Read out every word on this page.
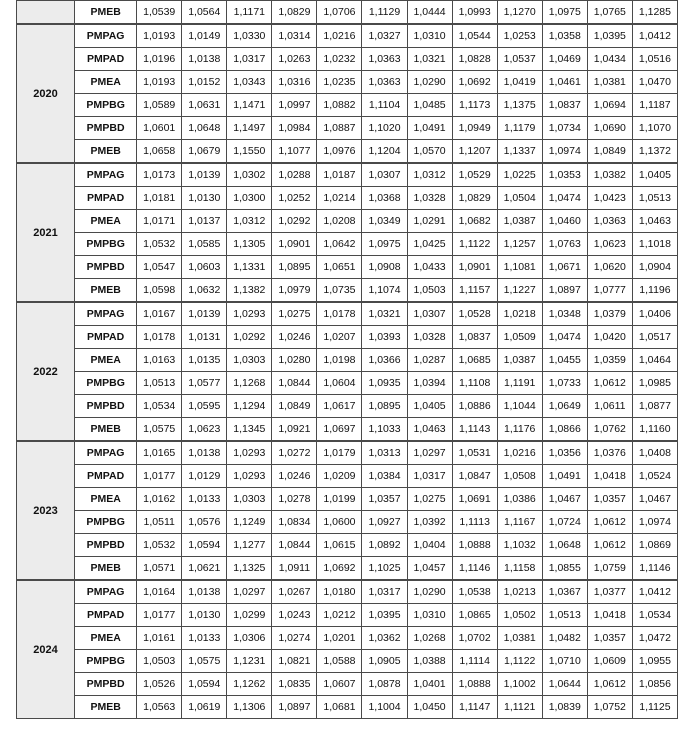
	PMEB	1,0539	1,0564	1,1171	1,0829	1,0706	1,1129	1,0444	1,0993	1,1270	1,0975	1,0765	1,1285
2020	PMPAG	1,0193	1,0149	1,0330	1,0314	1,0216	1,0327	1,0310	1,0544	1,0253	1,0358	1,0395	1,0412
	PMPAD	1,0196	1,0138	1,0317	1,0263	1,0232	1,0363	1,0321	1,0828	1,0537	1,0469	1,0434	1,0516
	PMEA	1,0193	1,0152	1,0343	1,0316	1,0235	1,0363	1,0290	1,0692	1,0419	1,0461	1,0381	1,0470
	PMPBG	1,0589	1,0631	1,1471	1,0997	1,0882	1,1104	1,0485	1,1173	1,1375	1,0837	1,0694	1,1187
	PMPBD	1,0601	1,0648	1,1497	1,0984	1,0887	1,1020	1,0491	1,0949	1,1179	1,0734	1,0690	1,1070
	PMEB	1,0658	1,0679	1,1550	1,1077	1,0976	1,1204	1,0570	1,1207	1,1337	1,0974	1,0849	1,1372
2021	PMPAG	1,0173	1,0139	1,0302	1,0288	1,0187	1,0307	1,0312	1,0529	1,0225	1,0353	1,0382	1,0405
	PMPAD	1,0181	1,0130	1,0300	1,0252	1,0214	1,0368	1,0328	1,0829	1,0504	1,0474	1,0423	1,0513
	PMEA	1,0171	1,0137	1,0312	1,0292	1,0208	1,0349	1,0291	1,0682	1,0387	1,0460	1,0363	1,0463
	PMPBG	1,0532	1,0585	1,1305	1,0901	1,0642	1,0975	1,0425	1,1122	1,1257	1,0763	1,0623	1,1018
	PMPBD	1,0547	1,0603	1,1331	1,0895	1,0651	1,0908	1,0433	1,0901	1,1081	1,0671	1,0620	1,0904
	PMEB	1,0598	1,0632	1,1382	1,0979	1,0735	1,1074	1,0503	1,1157	1,1227	1,0897	1,0777	1,1196
2022	PMPAG	1,0167	1,0139	1,0293	1,0275	1,0178	1,0321	1,0307	1,0528	1,0218	1,0348	1,0379	1,0406
	PMPAD	1,0178	1,0131	1,0292	1,0246	1,0207	1,0393	1,0328	1,0837	1,0509	1,0474	1,0420	1,0517
	PMEA	1,0163	1,0135	1,0303	1,0280	1,0198	1,0366	1,0287	1,0685	1,0387	1,0455	1,0359	1,0464
	PMPBG	1,0513	1,0577	1,1268	1,0844	1,0604	1,0935	1,0394	1,1108	1,1191	1,0733	1,0612	1,0985
	PMPBD	1,0534	1,0595	1,1294	1,0849	1,0617	1,0895	1,0405	1,0886	1,1044	1,0649	1,0611	1,0877
	PMEB	1,0575	1,0623	1,1345	1,0921	1,0697	1,1033	1,0463	1,1143	1,1176	1,0866	1,0762	1,1160
2023	PMPAG	1,0165	1,0138	1,0293	1,0272	1,0179	1,0313	1,0297	1,0531	1,0216	1,0356	1,0376	1,0408
	PMPAD	1,0177	1,0129	1,0293	1,0246	1,0209	1,0384	1,0317	1,0847	1,0508	1,0491	1,0418	1,0524
	PMEA	1,0162	1,0133	1,0303	1,0278	1,0199	1,0357	1,0275	1,0691	1,0386	1,0467	1,0357	1,0467
	PMPBG	1,0511	1,0576	1,1249	1,0834	1,0600	1,0927	1,0392	1,1113	1,1167	1,0724	1,0612	1,0974
	PMPBD	1,0532	1,0594	1,1277	1,0844	1,0615	1,0892	1,0404	1,0888	1,1032	1,0648	1,0612	1,0869
	PMEB	1,0571	1,0621	1,1325	1,0911	1,0692	1,1025	1,0457	1,1146	1,1158	1,0855	1,0759	1,1146
2024	PMPAG	1,0164	1,0138	1,0297	1,0267	1,0180	1,0317	1,0290	1,0538	1,0213	1,0367	1,0377	1,0412
	PMPAD	1,0177	1,0130	1,0299	1,0243	1,0212	1,0395	1,0310	1,0865	1,0502	1,0513	1,0418	1,0534
	PMEA	1,0161	1,0133	1,0306	1,0274	1,0201	1,0362	1,0268	1,0702	1,0381	1,0482	1,0357	1,0472
	PMPBG	1,0503	1,0575	1,1231	1,0821	1,0588	1,0905	1,0388	1,1114	1,1122	1,0710	1,0609	1,0955
	PMPBD	1,0526	1,0594	1,1262	1,0835	1,0607	1,0878	1,0401	1,0888	1,1002	1,0644	1,0612	1,0856
	PMEB	1,0563	1,0619	1,1306	1,0897	1,0681	1,1004	1,0450	1,1147	1,1121	1,0839	1,0752	1,1125
